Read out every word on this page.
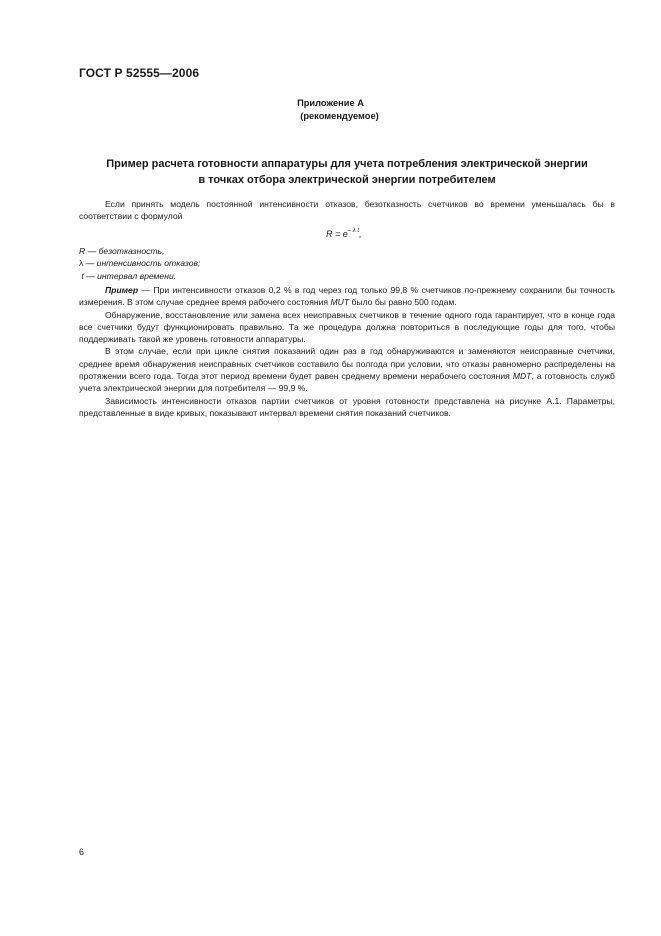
ГОСТ Р 52555—2006
Приложение А
(рекомендуемое)
Пример расчета готовности аппаратуры для учета потребления электрической энергии
в точках отбора электрической энергии потребителем

Если принять модель постоянной интенсивности отказов, безотказность счетчиков во времени уменьшалась бы в соответствии с формулой

$R = e^{- \lambda t}$,
R — безотказность,
λ — интенсивность отказов;
t — интервал времени.

Пример — При интенсивности отказов 0,2 % в год через год только 99,8 % счетчиков по-прежнему сохранили бы точность измерения. В этом случае среднее время рабочего состояния MUT было бы равно 500 годам.

Обнаружение, восстановление или замена всех неисправных счетчиков в течение одного года гарантирует, что в конце года все счетчики будут функционировать правильно. Та же процедура должна повториться в последующие годы для того, чтобы поддерживать такой же уровень готовности аппаратуры.

В этом случае, если при цикле снятия показаний один раз в год обнаруживаются и заменяются неисправные счетчики, среднее время обнаружения неисправных счетчиков составило бы полгода при условии, что отказы равномерно распределены на протяжении всего года. Тогда этот период времени будет равен среднему времени нерабочего состояния MDT, а готовность служб учета электрической энергии для потребителя — 99,9 %.

Зависимость интенсивности отказов партии счетчиков от уровня готовности представлена на рисунке А.1. Параметры, представленные в виде кривых, показывают интервал времени снятия показаний счетчиков.

6
